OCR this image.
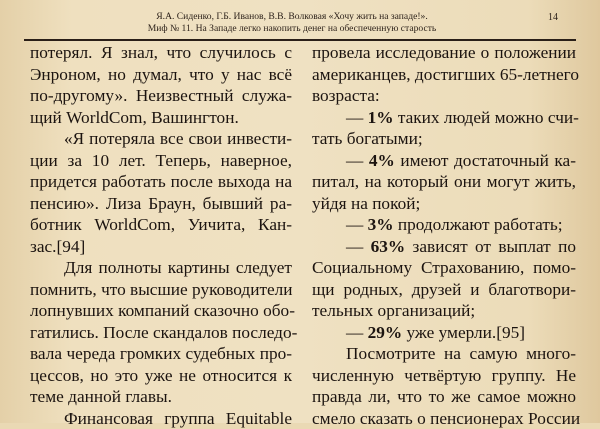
Я.А. Сиденко, Г.Б. Иванов, В.В. Волковая «Хочу жить на западе!».
Миф № 11. На Западе легко накопить денег на обеспеченную старость
14
потерял. Я знал, что случилось с
Энроном, но думал, что у нас всё
по-другому». Неизвестный служа-
щий WorldCom, Вашингтон.
«Я потеряла все свои инвести-
ции за 10 лет. Теперь, наверное,
придется работать после выхода на
пенсию». Лиза Браун, бывший ра-
ботник WorldCom, Уичита, Кан-
зас.[94]
Для полноты картины следует
помнить, что высшие руководители
лопнувших компаний сказочно обо-
гатились. После скандалов последо-
вала череда громких судебных про-
цессов, но это уже не относится к
теме данной главы.
Финансовая группа Equitable
провела исследование о положении
американцев, достигших 65-летнего
возраста:
— 1% таких людей можно счи-
тать богатыми;
— 4% имеют достаточный ка-
питал, на который они могут жить,
уйдя на покой;
— 3% продолжают работать;
— 63% зависят от выплат по
Социальному Страхованию, помо-
щи родных, друзей и благотвори-
тельных организаций;
— 29% уже умерли.[95]
Посмотрите на самую много-
численную четвёртую группу. Не
правда ли, что то же самое можно
смело сказать о пенсионерах России
